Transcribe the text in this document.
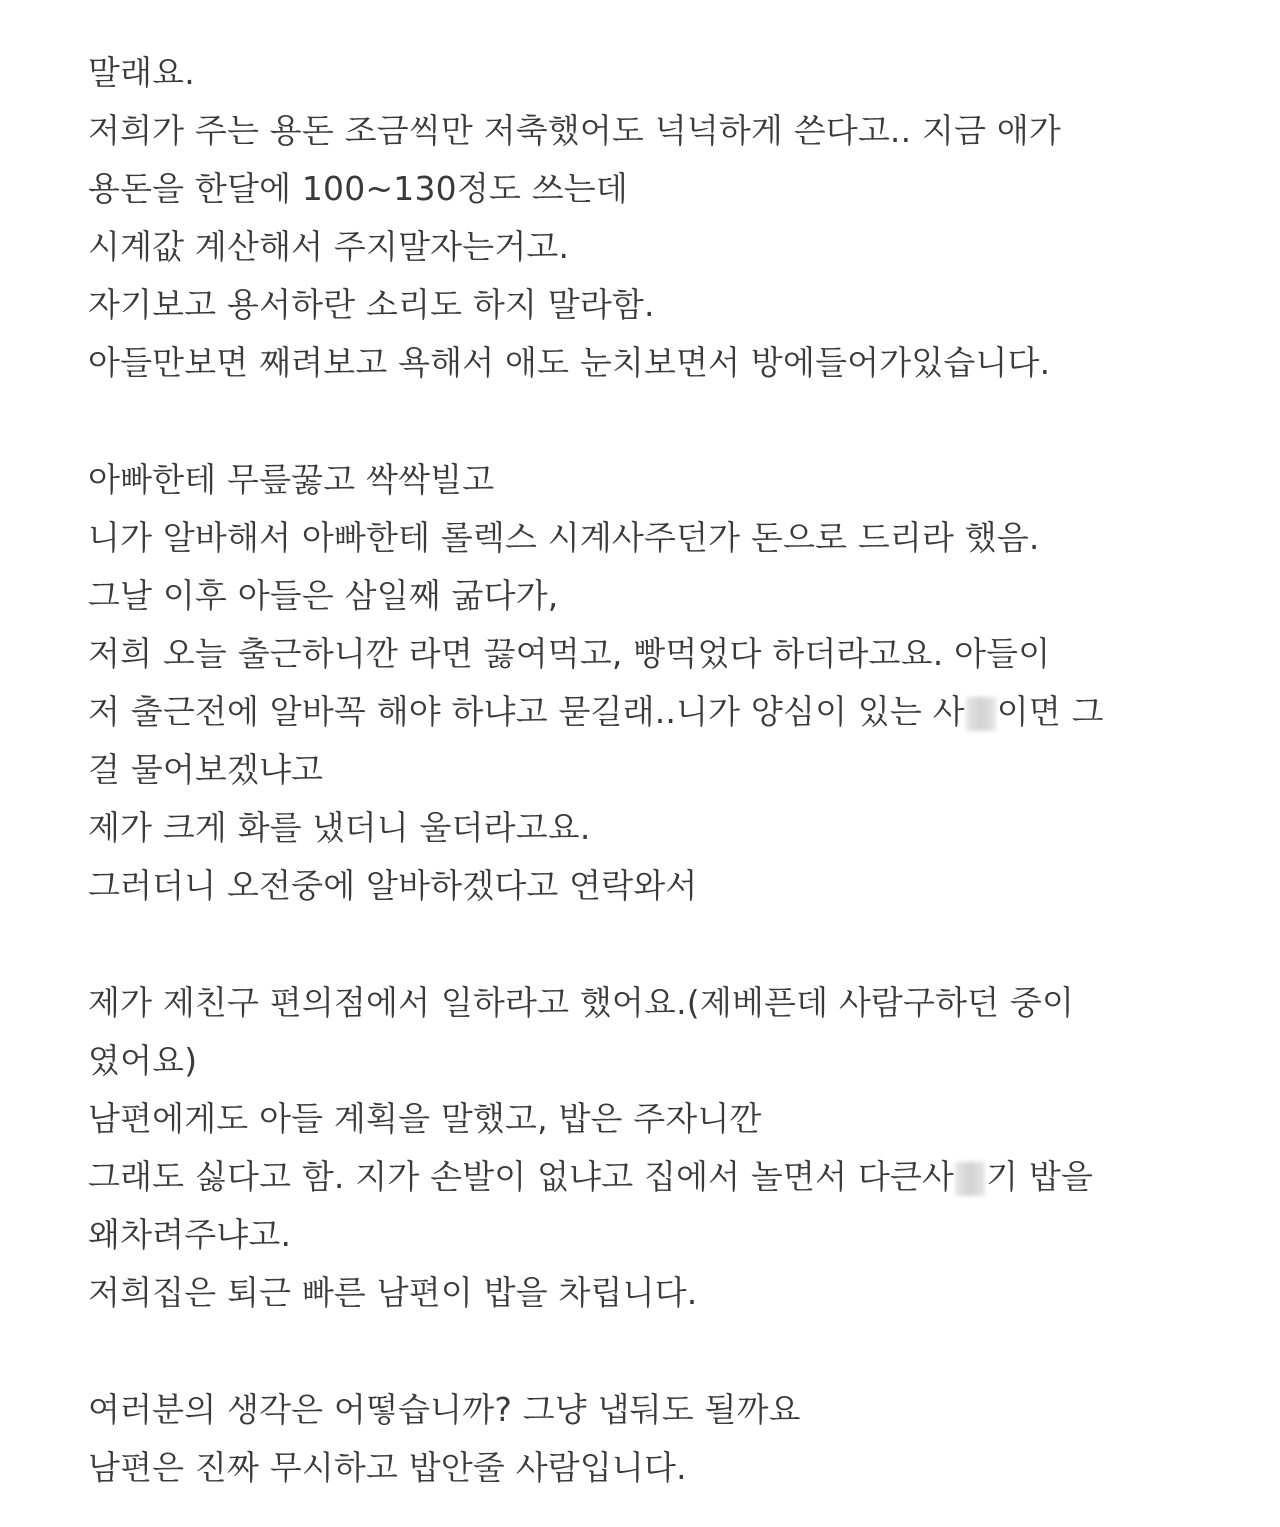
말래요.
저희가 주는 용돈 조금씩만 저축했어도 넉넉하게 쓴다고.. 지금 애가
용돈을 한달에 100~130정도 쓰는데
시계값 계산해서 주지말자는거고.
자기보고 용서하란 소리도 하지 말라함.
아들만보면 째려보고 욕해서 애도 눈치보면서 방에들어가있습니다.
아빠한테 무릎꿇고 싹싹빌고
니가 알바해서 아빠한테 롤렉스 시계사주던가 돈으로 드리라 했음.
그날 이후 아들은 삼일째 굶다가,
저희 오늘 출근하니깐 라면 끓여먹고, 빵먹었다 하더라고요. 아들이
저 출근전에 알바꼭 해야 하냐고 묻길래..니가 양심이 있는 사 이면 그
걸 물어보겠냐고
제가 크게 화를 냈더니 울더라고요.
그러더니 오전중에 알바하겠다고 연락와서
제가 제친구 편의점에서 일하라고 했어요.(제베픈데 사람구하던 중이
였어요)
남편에게도 아들 계획을 말했고, 밥은 주자니깐
그래도 싫다고 함. 지가 손발이 없냐고 집에서 놀면서 다큰사 기 밥을
왜차려주냐고.
저희집은 퇴근 빠른 남편이 밥을 차립니다.
여러분의 생각은 어떻습니까? 그냥 냅둬도 될까요
남편은 진짜 무시하고 밥안줄 사람입니다.
